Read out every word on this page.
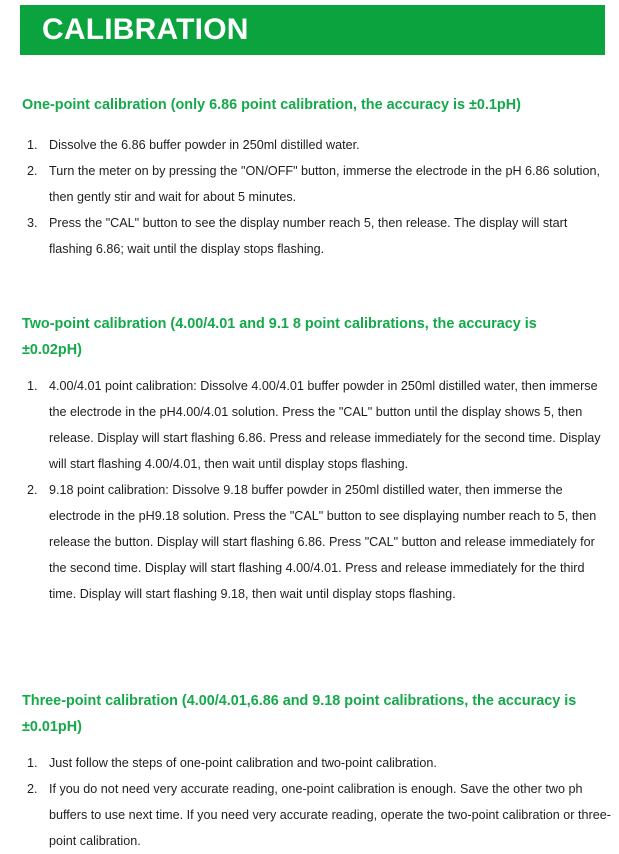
CALIBRATION
One-point calibration (only 6.86 point calibration, the accuracy is ±0.1pH)
1. Dissolve the 6.86 buffer powder in 250ml distilled water.
2. Turn the meter on by pressing the "ON/OFF" button, immerse the electrode in the pH 6.86 solution, then gently stir and wait for about 5 minutes.
3. Press the "CAL" button to see the display number reach 5, then release. The display will start flashing 6.86; wait until the display stops flashing.
Two-point calibration (4.00/4.01 and 9.1 8 point calibrations, the accuracy is ±0.02pH)
1. 4.00/4.01 point calibration: Dissolve 4.00/4.01 buffer powder in 250ml distilled water, then immerse the electrode in the pH4.00/4.01 solution. Press the "CAL" button until the display shows 5, then release. Display will start flashing 6.86. Press and release immediately for the second time. Display will start flashing 4.00/4.01, then wait until display stops flashing.
2. 9.18 point calibration: Dissolve 9.18 buffer powder in 250ml distilled water, then immerse the electrode in the pH9.18 solution. Press the "CAL" button to see displaying number reach to 5, then release the button. Display will start flashing 6.86. Press "CAL" button and release immediately for the second time. Display will start flashing 4.00/4.01. Press and release immediately for the third time. Display will start flashing 9.18, then wait until display stops flashing.
Three-point calibration (4.00/4.01,6.86 and 9.18 point calibrations, the accuracy is ±0.01pH)
1. Just follow the steps of one-point calibration and two-point calibration.
2. If you do not need very accurate reading, one-point calibration is enough. Save the other two ph buffers to use next time. If you need very accurate reading, operate the two-point calibration or three-point calibration.
